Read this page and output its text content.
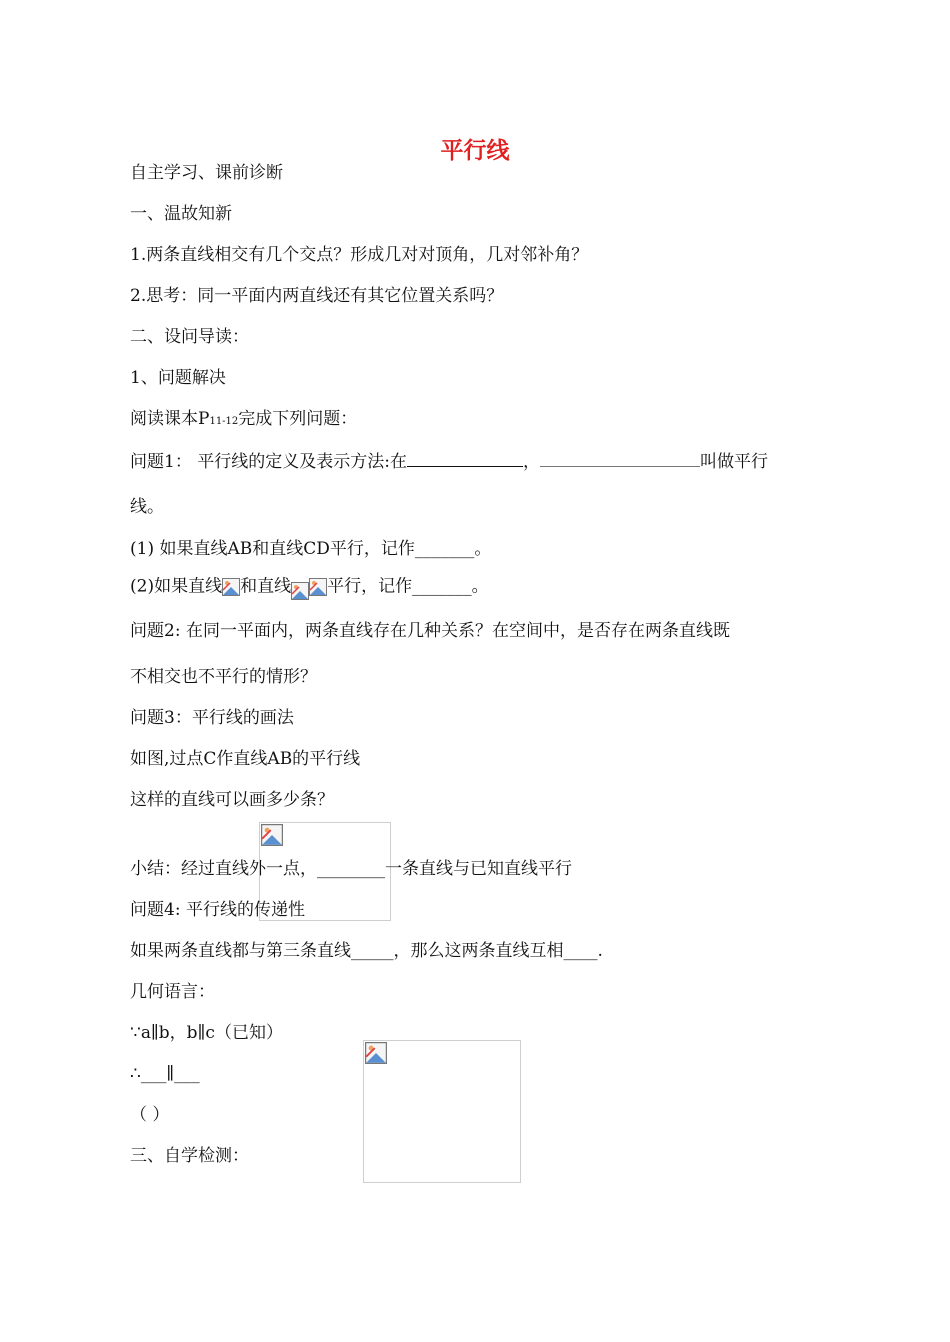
平行线
自主学习、课前诊断
一、温故知新
1.两条直线相交有几个交点？形成几对对顶角，几对邻补角？
2.思考：同一平面内两直线还有其它位置关系吗？
二、设问导读：
1、问题解决
阅读课本P11-12完成下列问题：
问题1： 平行线的定义及表示方法:在	，	叫做平行
线。
(1) 如果直线AB和直线CD平行，记作_______。
(2)如果直线 和直线 平行，记作_______。
问题2: 在同一平面内，两条直线存在几种关系？在空间中，是否存在两条直线既
不相交也不平行的情形？
问题3：平行线的画法
如图,过点C作直线AB的平行线
这样的直线可以画多少条？
小结：经过直线外一点，________一条直线与已知直线平行
问题4: 平行线的传递性
如果两条直线都与第三条直线_____，那么这两条直线互相____.
几何语言：
∵a∥b，b∥c（已知）
∴___∥___
（ ）
三、自学检测：
